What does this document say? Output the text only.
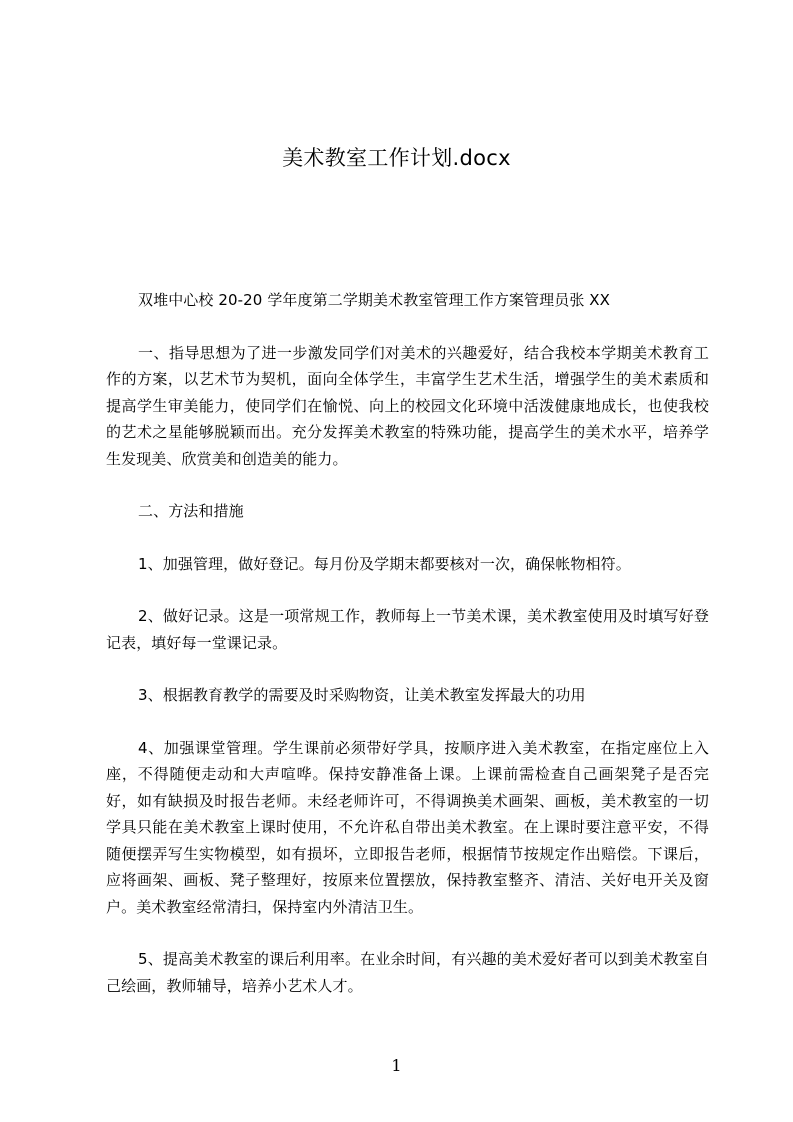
美术教室工作计划.docx

双堆中心校 20-20 学年度第二学期美术教室管理工作方案管理员张 XX

一、指导思想为了进一步激发同学们对美术的兴趣爱好，结合我校本学期美术教育工作的方案，以艺术节为契机，面向全体学生，丰富学生艺术生活，增强学生的美术素质和提高学生审美能力，使同学们在愉悦、向上的校园文化环境中活泼健康地成长，也使我校的艺术之星能够脱颖而出。充分发挥美术教室的特殊功能，提高学生的美术水平，培养学生发现美、欣赏美和创造美的能力。

二、方法和措施

1、加强管理，做好登记。每月份及学期末都要核对一次，确保帐物相符。

2、做好记录。这是一项常规工作，教师每上一节美术课，美术教室使用及时填写好登记表，填好每一堂课记录。

3、根据教育教学的需要及时采购物资，让美术教室发挥最大的功用

4、加强课堂管理。学生课前必须带好学具，按顺序进入美术教室，在指定座位上入座，不得随便走动和大声喧哗。保持安静准备上课。上课前需检查自己画架凳子是否完好，如有缺损及时报告老师。未经老师许可，不得调换美术画架、画板，美术教室的一切学具只能在美术教室上课时使用，不允许私自带出美术教室。在上课时要注意平安，不得随便摆弄写生实物模型，如有损坏，立即报告老师，根据情节按规定作出赔偿。下课后，应将画架、画板、凳子整理好，按原来位置摆放，保持教室整齐、清洁、关好电开关及窗户。美术教室经常清扫，保持室内外清洁卫生。

5、提高美术教室的课后利用率。在业余时间，有兴趣的美术爱好者可以到美术教室自己绘画，教师辅导，培养小艺术人才。

1
